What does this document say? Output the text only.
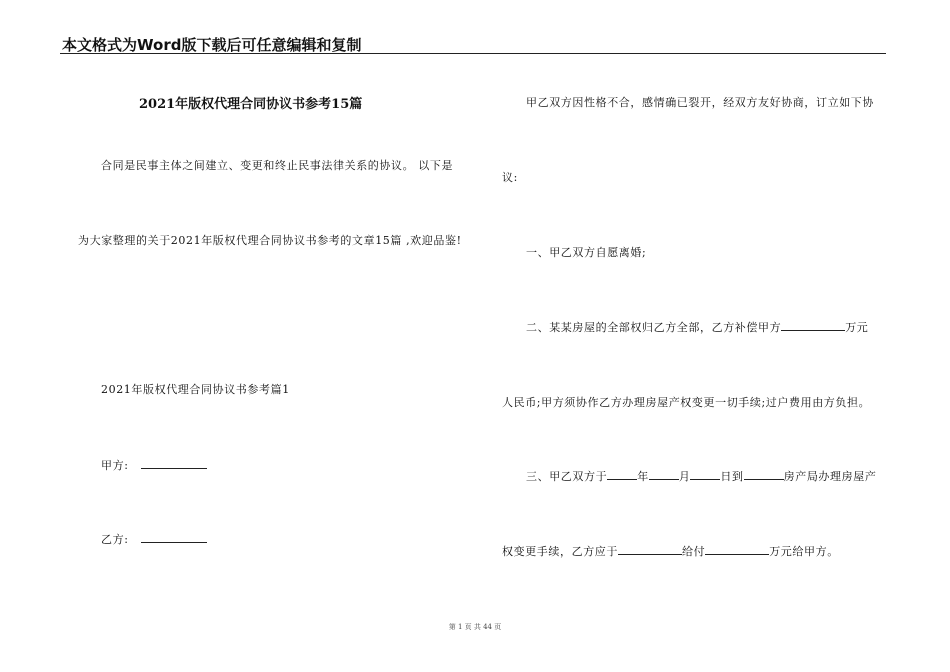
本文格式为Word版下载后可任意编辑和复制
2021年版权代理合同协议书参考15篇
合同是民事主体之间建立、变更和终止民事法律关系的协议。 以下是
为大家整理的关于2021年版权代理合同协议书参考的文章15篇 ,欢迎品鉴!
2021年版权代理合同协议书参考篇1
甲方:
乙方:
甲乙双方因性格不合，感情确已裂开，经双方友好协商，订立如下协
议:
一、甲乙双方自愿离婚;
二、某某房屋的全部权归乙方全部，乙方补偿甲方	万元
人民币;甲方须协作乙方办理房屋产权变更一切手续;过户费用由方负担。
三、甲乙双方于	年	月	日到	房产局办理房屋产
权变更手续，乙方应于	给付	万元给甲方。
第 1 页 共 44 页
